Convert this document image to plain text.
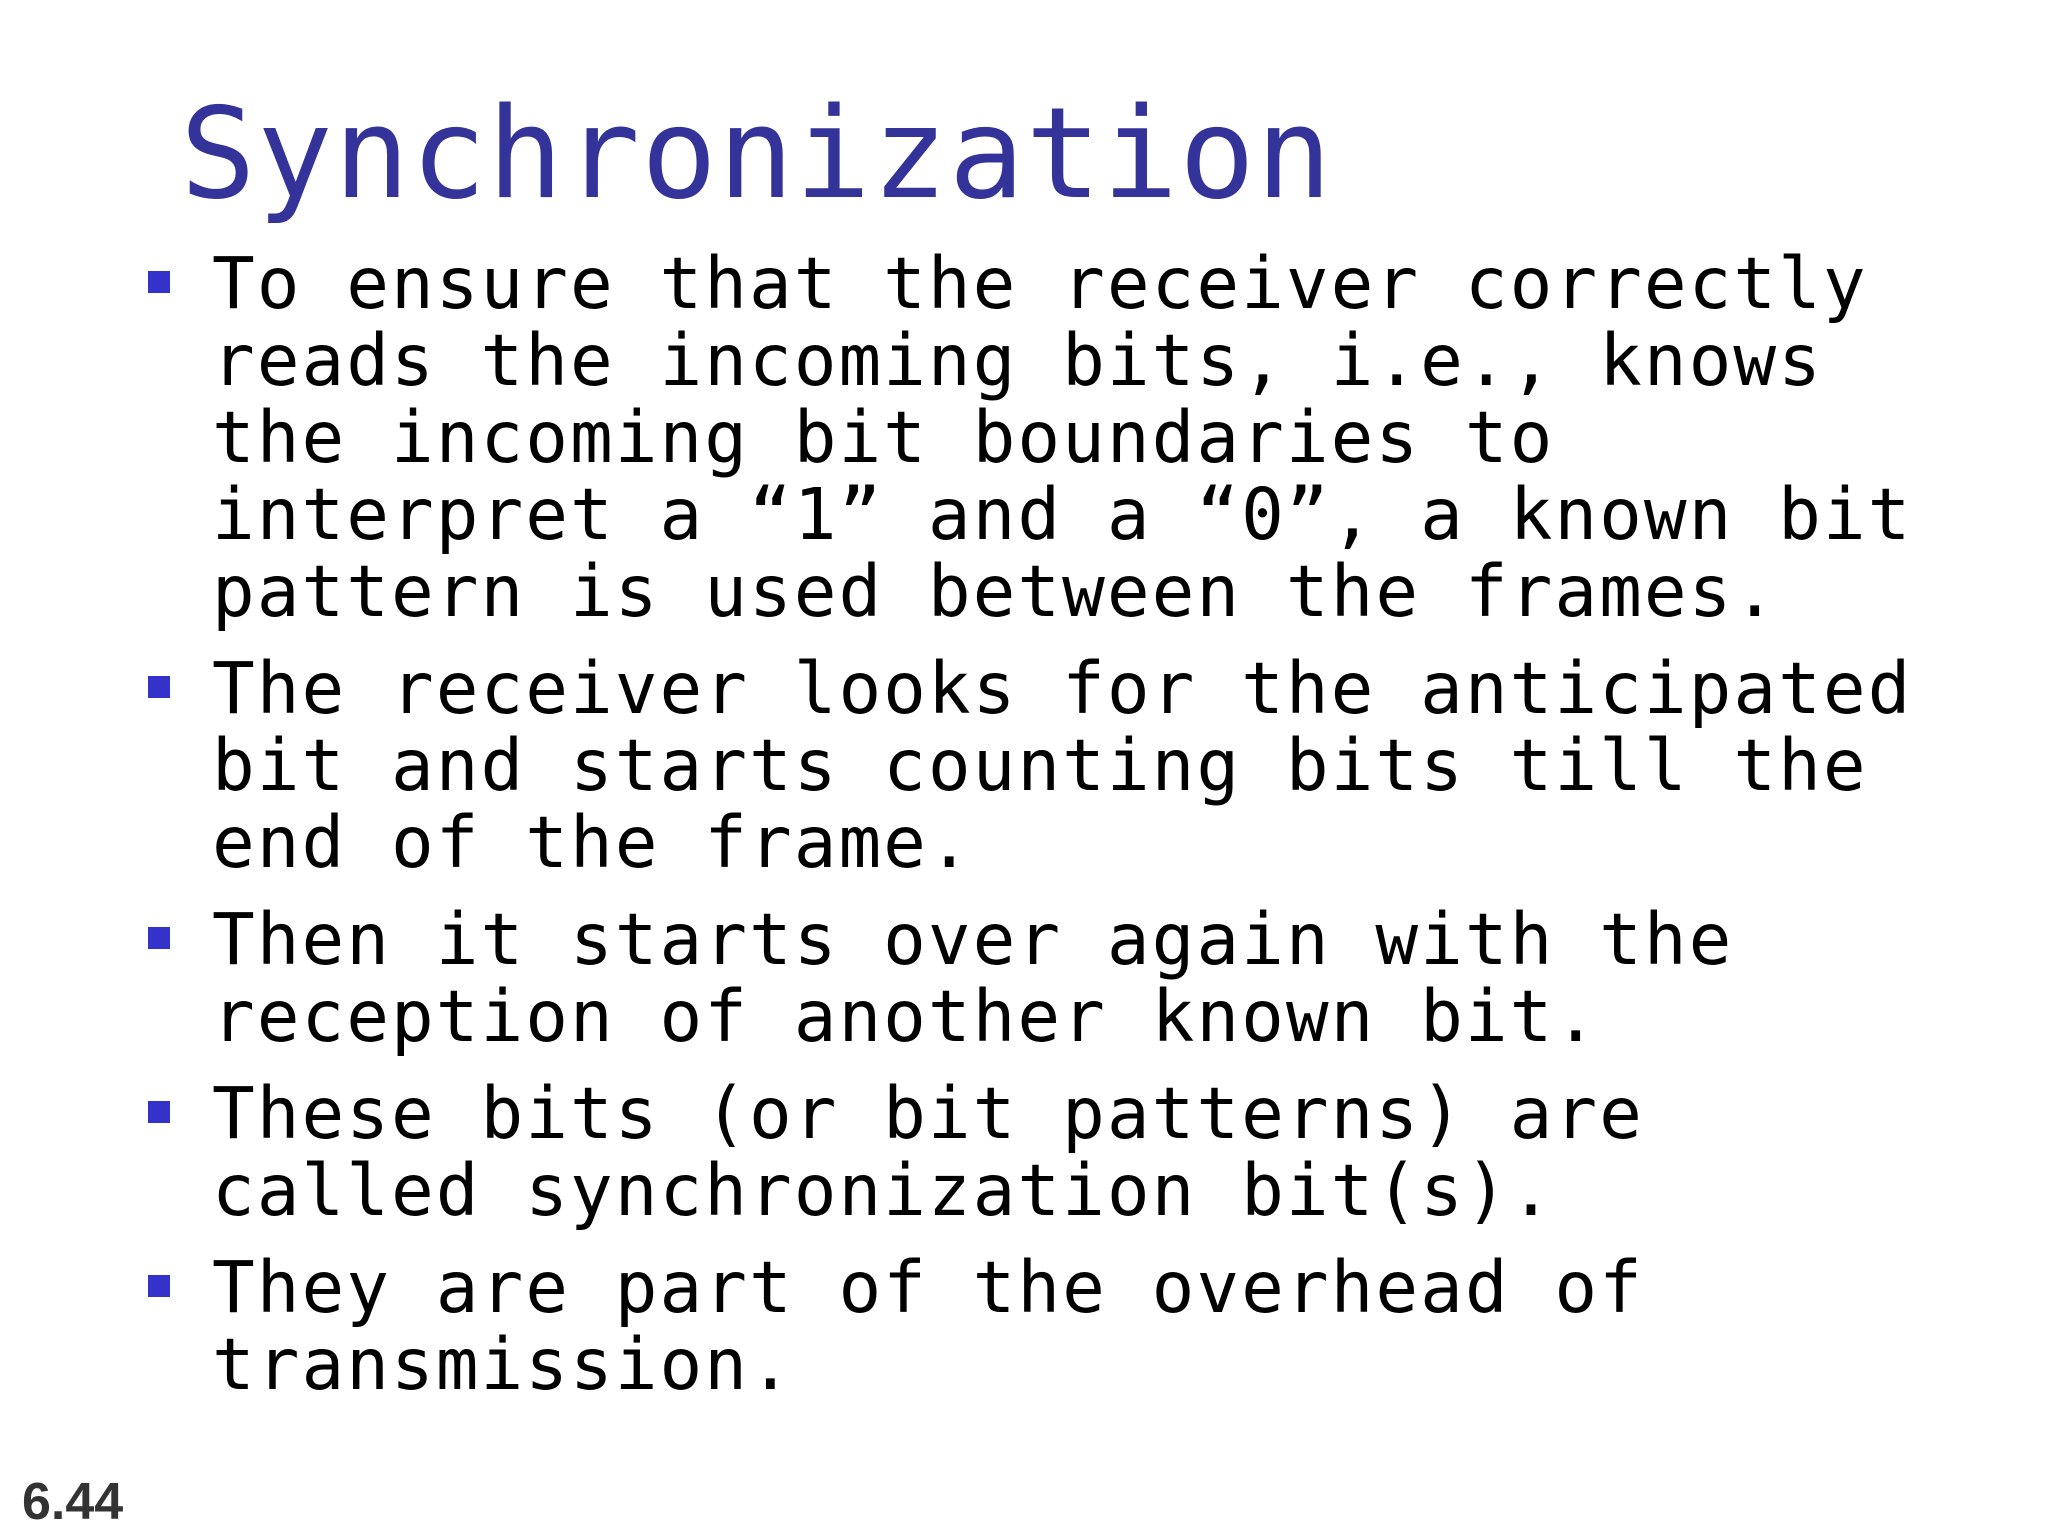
Synchronization
To ensure that the receiver correctly
reads the incoming bits, i.e., knows
the incoming bit boundaries to
interpret a “1” and a “0”, a known bit
pattern is used between the frames.
The receiver looks for the anticipated
bit and starts counting bits till the
end of the frame.
Then it starts over again with the
reception of another known bit.
These bits (or bit patterns) are
called synchronization bit(s).
They are part of the overhead of
transmission.
6.44
